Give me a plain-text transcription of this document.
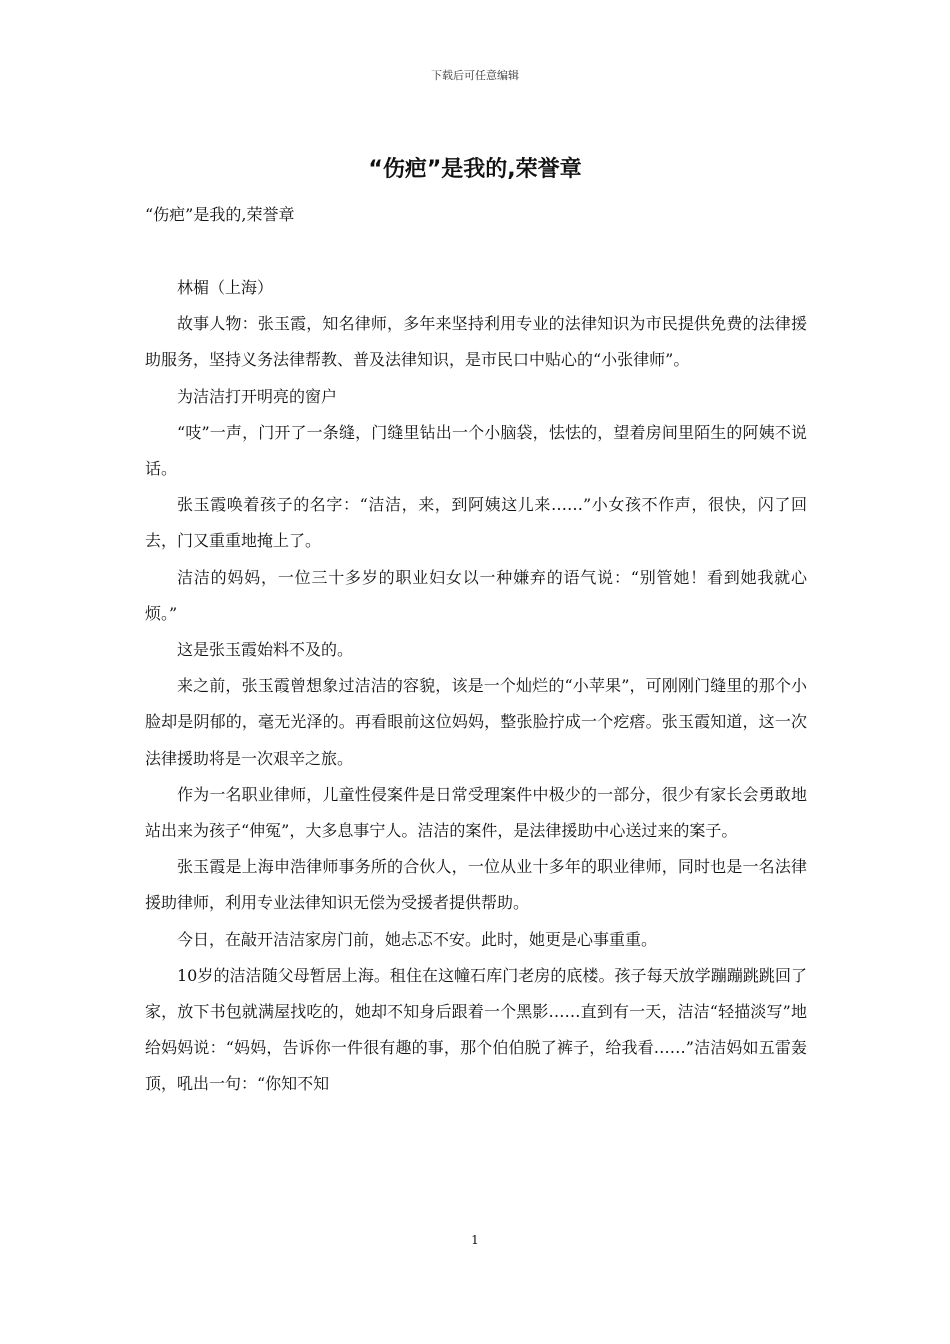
下载后可任意编辑
“伤疤”是我的,荣誉章
“伤疤”是我的,荣誉章

林楣（上海）

故事人物：张玉霞，知名律师，多年来坚持利用专业的法律知识为市民提供免费的法律援助服务，坚持义务法律帮教、普及法律知识，是市民口中贴心的“小张律师”。

为洁洁打开明亮的窗户

“吱”一声，门开了一条缝，门缝里钻出一个小脑袋，怯怯的，望着房间里陌生的阿姨不说话。

张玉霞唤着孩子的名字：“洁洁，来，到阿姨这儿来……”小女孩不作声，很快，闪了回去，门又重重地掩上了。

洁洁的妈妈，一位三十多岁的职业妇女以一种嫌弃的语气说：“别管她！看到她我就心烦。”

这是张玉霞始料不及的。

来之前，张玉霞曾想象过洁洁的容貌，该是一个灿烂的“小苹果”，可刚刚门缝里的那个小脸却是阴郁的，毫无光泽的。再看眼前这位妈妈，整张脸拧成一个疙瘩。张玉霞知道，这一次法律援助将是一次艰辛之旅。

作为一名职业律师，儿童性侵案件是日常受理案件中极少的一部分，很少有家长会勇敢地站出来为孩子“伸冤”，大多息事宁人。洁洁的案件，是法律援助中心送过来的案子。

张玉霞是上海申浩律师事务所的合伙人，一位从业十多年的职业律师，同时也是一名法律援助律师，利用专业法律知识无偿为受援者提供帮助。

今日，在敲开洁洁家房门前，她忐忑不安。此时，她更是心事重重。

10岁的洁洁随父母暂居上海。租住在这幢石库门老房的底楼。孩子每天放学蹦蹦跳跳回了家，放下书包就满屋找吃的，她却不知身后跟着一个黑影……直到有一天，洁洁“轻描淡写”地给妈妈说：“妈妈，告诉你一件很有趣的事，那个伯伯脱了裤子，给我看……”洁洁妈如五雷轰顶，吼出一句：“你知不知

1
